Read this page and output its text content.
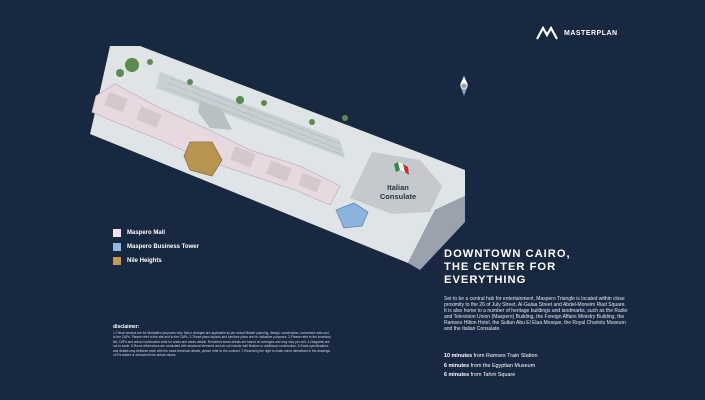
MASTERPLAN
Italian
Consulate
Maspero Mall
Maspero Business Tower
Nile Heights
disclaimer:
1-These renders are for illustration purposes only. Minor changes are applicable as per actual Master planning, design, construction, consumed units and to the CAPs. Please refer to the site and to the CAPs. 2-These plans layouts and furniture plans are for indicative purposes. 3-Please refer to the inventory list, CAPs and actual constructed units for areas and areas details. Rendered areas details are based on averages and may vary per unit. 4-Diagrams are not to scale. 5-Room dimensions are consistent with structural elements and do not include wall finishes or additional construction. 6-Exact specifications and details may between each with the exact technical details, please refer to the contract. 7-Reserving the right to make minor alterations in the drawings of 5% added or deducted from actual values.
DOWNTOWN CAIRO,
THE CENTER FOR
EVERYTHING
Set to be a central hub for entertainment, Maspero Triangle is located within close proximity to the 26 of July Street, Al-Galaa Street and Abdel-Moneim Riad Square. It is also home to a number of heritage buildings and landmarks, such as the Radio and Television Union (Maspero) Building, the Foreign Affairs Ministry Building, the Ramses Hilton Hotel, the Sultan Abu El Elaa Mosque, the Royal Chariots Museum and the Italian Consulate.
10 minutes from Ramses Train Station
6 minutes from the Egyptian Museum
6 minutes from Tahrir Square
